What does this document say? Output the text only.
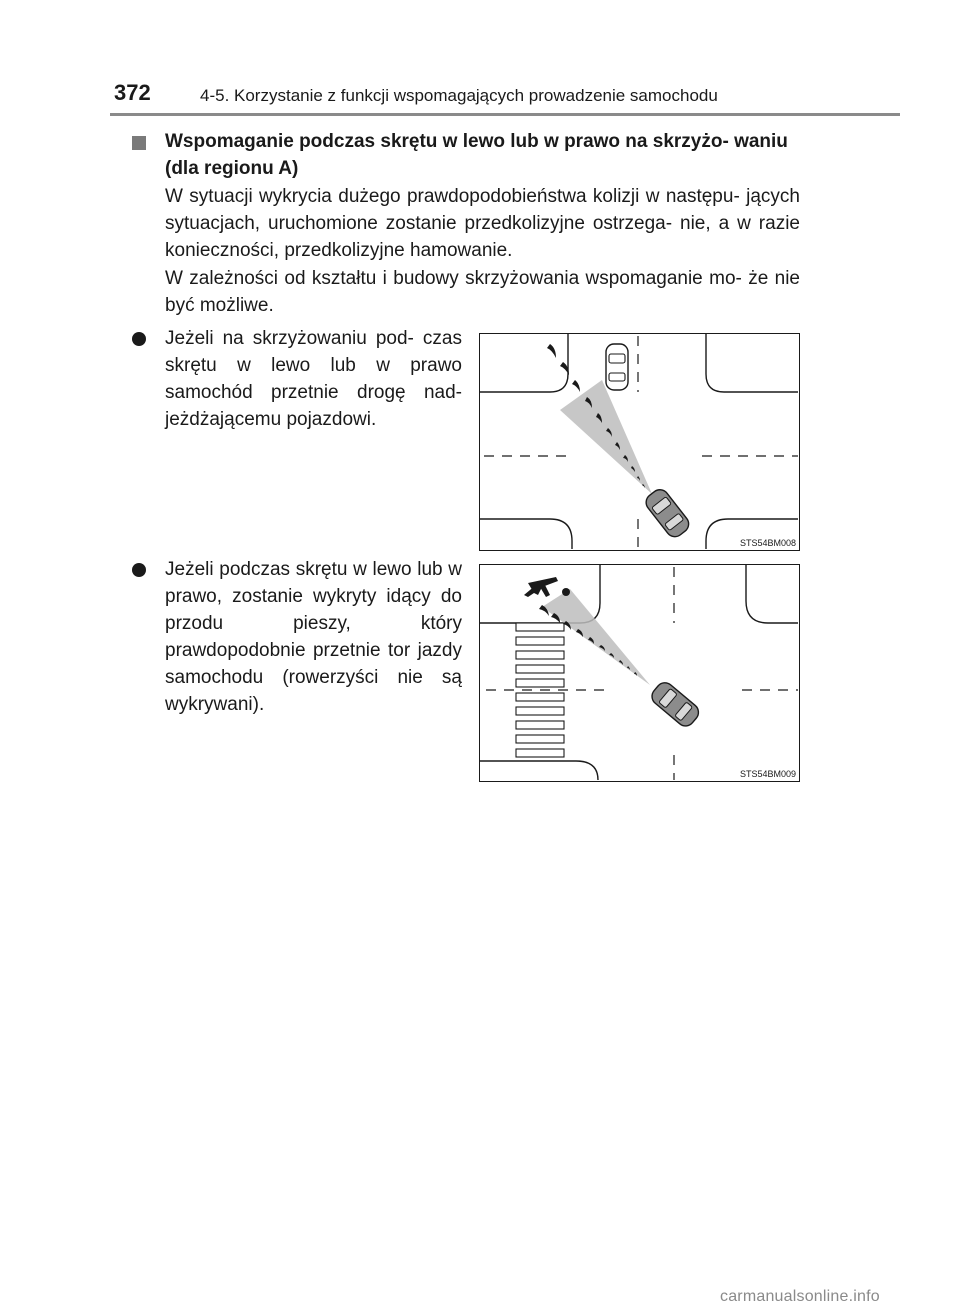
372	4-5. Korzystanie z funkcji wspomagających prowadzenie samochodu
Wspomaganie podczas skrętu w lewo lub w prawo na skrzyżo- waniu (dla regionu A)
W sytuacji wykrycia dużego prawdopodobieństwa kolizji w następu- jących sytuacjach, uruchomione zostanie przedkolizyjne ostrzega- nie, a w razie konieczności, przedkolizyjne hamowanie.
W zależności od kształtu i budowy skrzyżowania wspomaganie mo- że nie być możliwe.
Jeżeli na skrzyżowaniu pod- czas skrętu w lewo lub w prawo samochód przetnie drogę nad- jeżdżającemu pojazdowi.
STS54BM008
Jeżeli podczas skrętu w lewo lub w prawo, zostanie wykryty idący do przodu pieszy, który prawdopodobnie przetnie tor jazdy samochodu (rowerzyści nie są wykrywani).
STS54BM009
carmanualsonline.info
